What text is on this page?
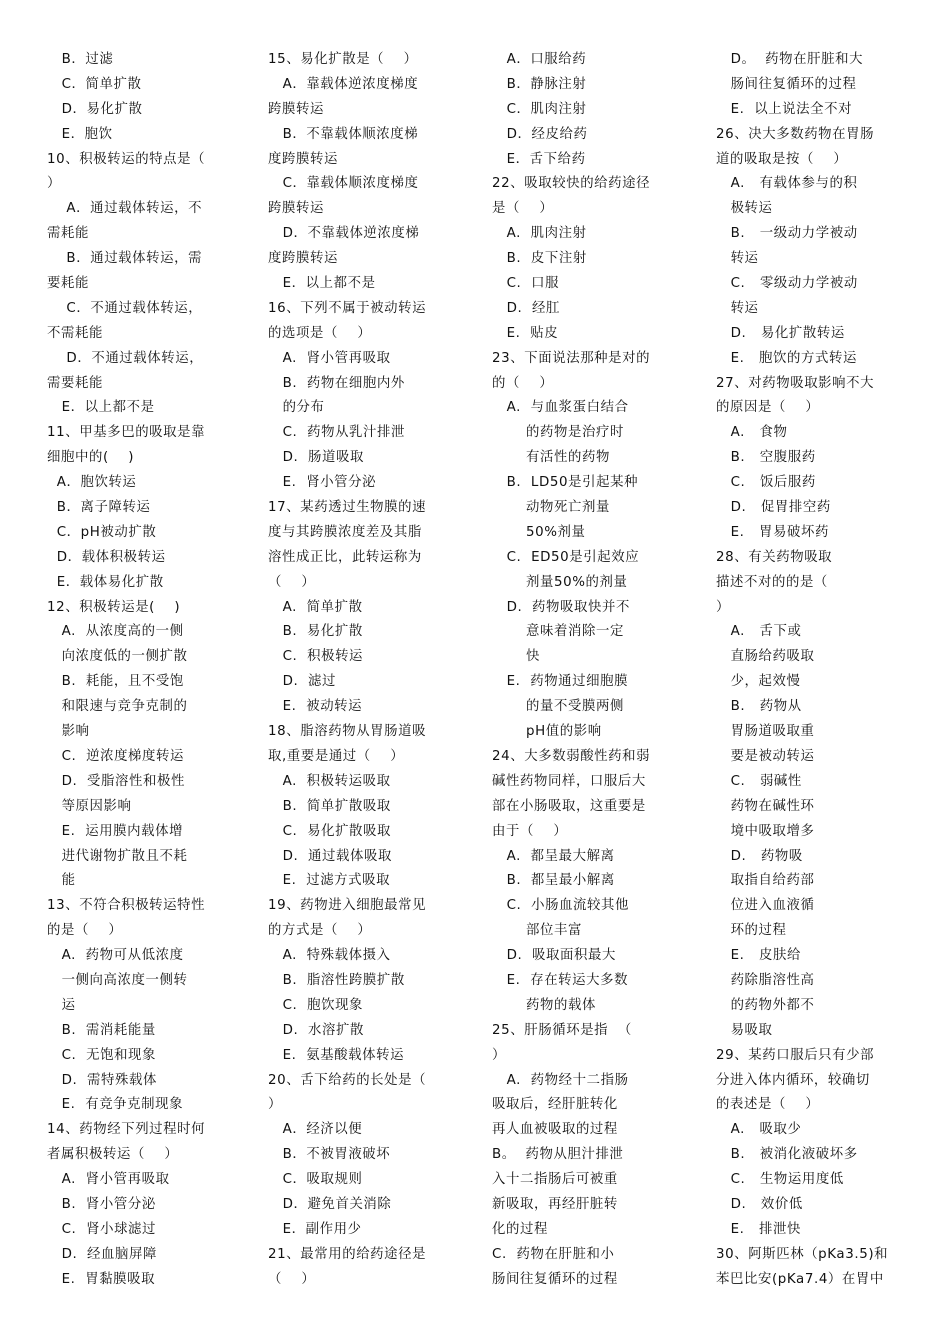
B．过滤
C．简单扩散
D．易化扩散
E．胞饮
10、积极转运的特点是（
）
A．通过载体转运，不
需耗能
B．通过载体转运，需
要耗能
C．不通过载体转运，
不需耗能
D．不通过载体转运，
需要耗能
E．以上都不是
11、甲基多巴的吸取是靠
细胞中的(    )
A．胞饮转运
B．离子障转运
C．pH被动扩散
D．载体积极转运
E．载体易化扩散
12、积极转运是(    )
A.  从浓度高的一侧
向浓度低的一侧扩散
B.  耗能，且不受饱
和限速与竞争克制的
影响
C.  逆浓度梯度转运
D.  受脂溶性和极性
等原因影响
E.  运用膜内载体增
进代谢物扩散且不耗
能
13、不符合积极转运特性
的是（    ）
A.  药物可从低浓度
一侧向高浓度一侧转
运
B.  需消耗能量
C.  无饱和现象
D.  需特殊载体
E.  有竞争克制现象
14、药物经下列过程时何
者属积极转运（    ）
A.  肾小管再吸取
B.  肾小管分泌
C.  肾小球滤过
D.  经血脑屏障
E.  胃黏膜吸取
15、易化扩散是（    ）
A．靠载体逆浓度梯度
跨膜转运
B．不靠载体顺浓度梯
度跨膜转运
C．靠载体顺浓度梯度
跨膜转运
D．不靠载体逆浓度梯
度跨膜转运
E．以上都不是
16、下列不属于被动转运
的选项是（    ）
A.  肾小管再吸取
B.  药物在细胞内外
的分布
C.  药物从乳汁排泄
D.  肠道吸取
E.  肾小管分泌
17、某药透过生物膜的速
度与其跨膜浓度差及其脂
溶性成正比，此转运称为
（    ）
A.  简单扩散
B.  易化扩散
C.  积极转运
D.  滤过
E.  被动转运
18、脂溶药物从胃肠道吸
取,重要是通过（    ）
A.  积极转运吸取
B.  简单扩散吸取
C.  易化扩散吸取
D.  通过载体吸取
E.  过滤方式吸取
19、药物进入细胞最常见
的方式是（    ）
A.  特殊载体摄入
B.  脂溶性跨膜扩散
C.  胞饮现象
D.  水溶扩散
E.  氨基酸载体转运
20、舌下给药的长处是（
）
A．经济以便
B．不被胃液破坏
C．吸取规则
D．避免首关消除
E．副作用少
21、最常用的给药途径是
（    ）
A．口服给药
B．静脉注射
C．肌肉注射
D．经皮给药
E．舌下给药
22、吸取较快的给药途径
是（    ）
A.  肌肉注射
B.  皮下注射
C.  口服
D.  经肛
E.  贴皮
23、下面说法那种是对的
的（    ）
A.  与血浆蛋白结合
的药物是治疗时
有活性的药物
B.  LD50是引起某种
动物死亡剂量
50%剂量
C.  ED50是引起效应
剂量50%的剂量
D.  药物吸取快并不
意味着消除一定
快
E.  药物通过细胞膜
的量不受膜两侧
pH值的影响
24、大多数弱酸性药和弱
碱性药物同样，口服后大
部在小肠吸取，这重要是
由于（    ）
A.  都呈最大解离
B.  都呈最小解离
C.  小肠血流较其他
部位丰富
D.  吸取面积最大
E.  存在转运大多数
药物的载体
25、肝肠循环是指  （
）
A.  药物经十二指肠
吸取后，经肝脏转化
再人血被吸取的过程
B。  药物从胆汁排泄
入十二指肠后可被重
新吸取，再经肝脏转
化的过程
C.  药物在肝脏和小
肠间往复循环的过程
D。  药物在肝脏和大
肠间往复循环的过程
E.  以上说法全不对
26、决大多数药物在胃肠
道的吸取是按（    ）
A.   有载体参与的积
极转运
B.   一级动力学被动
转运
C.   零级动力学被动
转运
D.   易化扩散转运
E.   胞饮的方式转运
27、对药物吸取影响不大
的原因是（    ）
A.   食物
B.   空腹服药
C.   饭后服药
D.   促胃排空药
E.   胃易破坏药
28、有关药物吸取
描述不对的的是（
）
A.   舌下或
直肠给药吸取
少，起效慢
B.   药物从
胃肠道吸取重
要是被动转运
C.   弱碱性
药物在碱性环
境中吸取增多
D.   药物吸
取指自给药部
位进入血液循
环的过程
E.   皮肤给
药除脂溶性高
的药物外都不
易吸取
29、某药口服后只有少部
分进入体内循环，较确切
的表述是（    ）
A.   吸取少
B.   被消化液破坏多
C.   生物运用度低
D.   效价低
E.   排泄快
30、阿斯匹林（pKa3.5)和
苯巴比安(pKa7.4）在胃中
